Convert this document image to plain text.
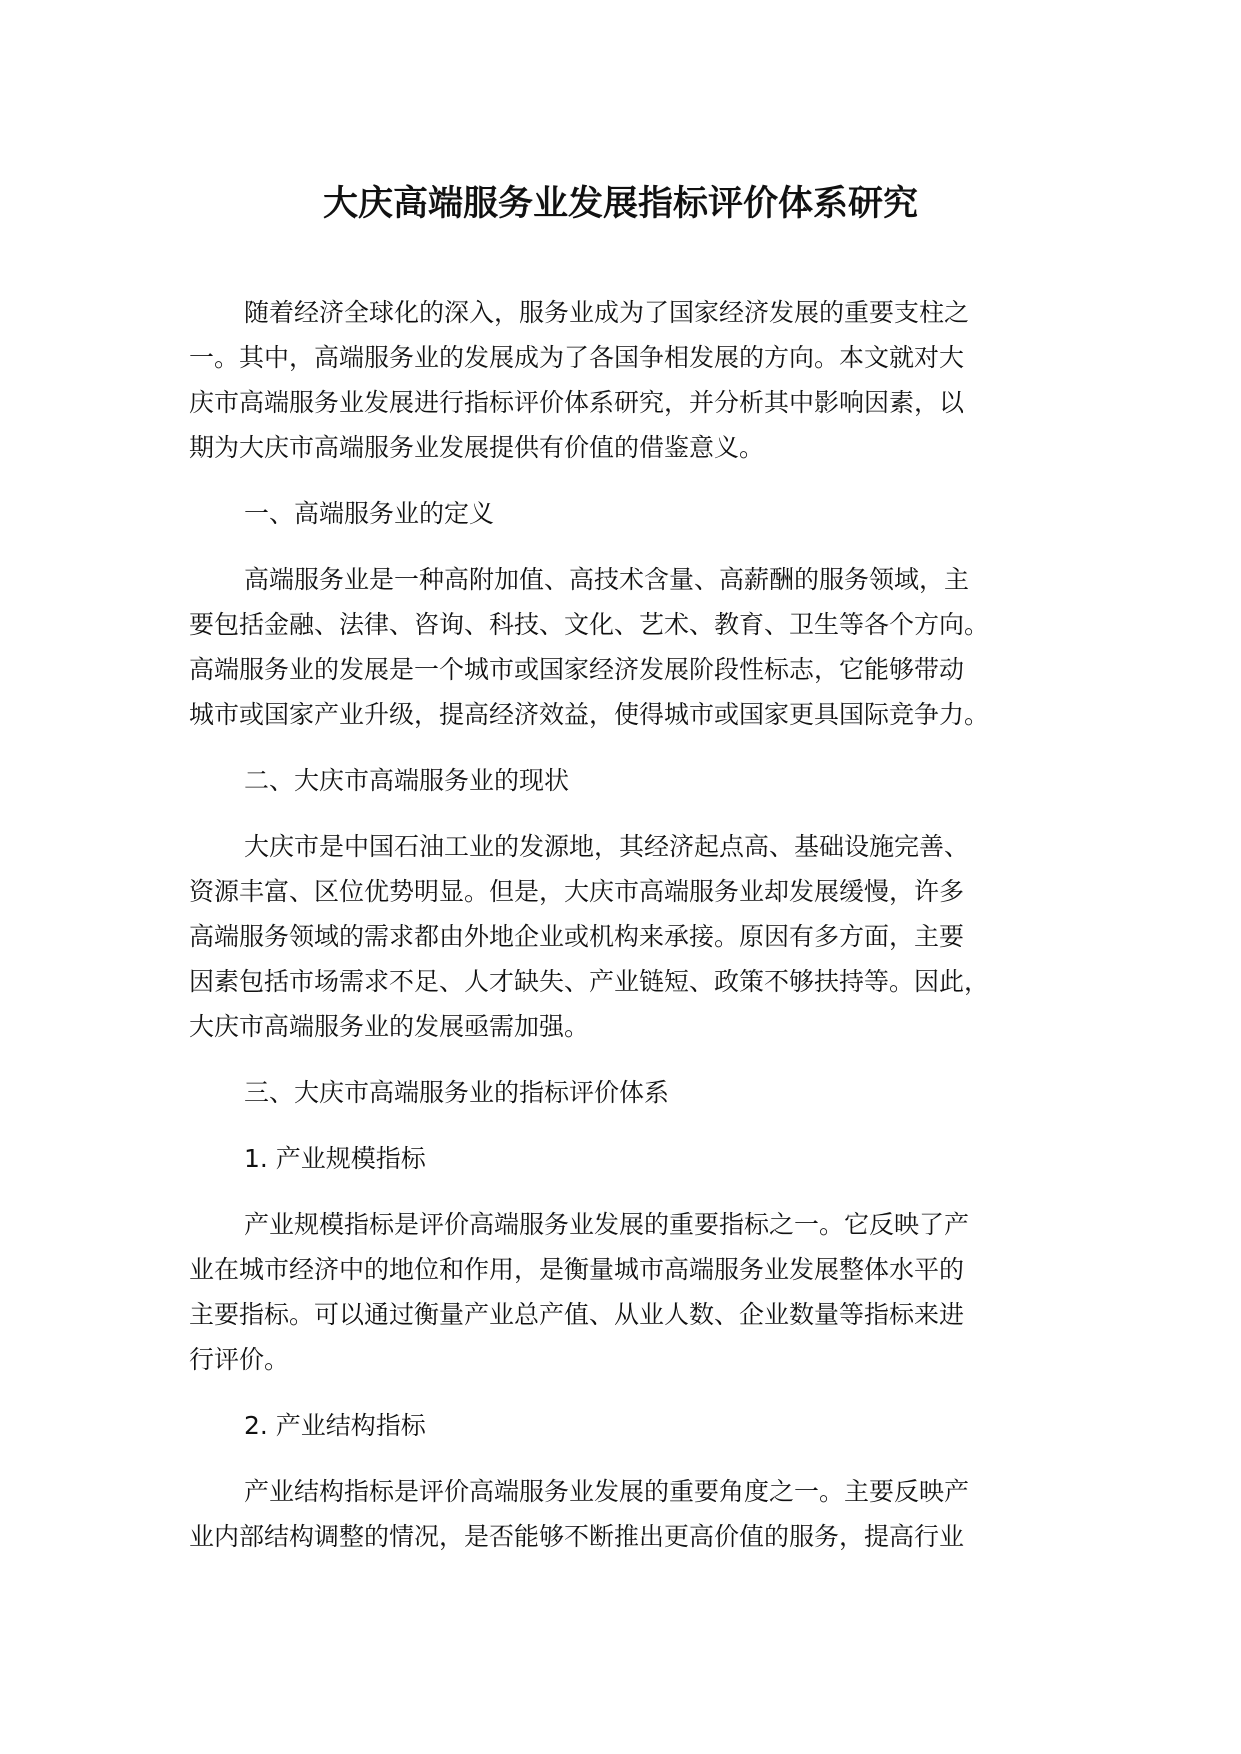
大庆高端服务业发展指标评价体系研究
随着经济全球化的深入，服务业成为了国家经济发展的重要支柱之
一。其中，高端服务业的发展成为了各国争相发展的方向。本文就对大
庆市高端服务业发展进行指标评价体系研究，并分析其中影响因素，以
期为大庆市高端服务业发展提供有价值的借鉴意义。
一、高端服务业的定义
高端服务业是一种高附加值、高技术含量、高薪酬的服务领域，主
要包括金融、法律、咨询、科技、文化、艺术、教育、卫生等各个方向。
高端服务业的发展是一个城市或国家经济发展阶段性标志，它能够带动
城市或国家产业升级，提高经济效益，使得城市或国家更具国际竞争力。
二、大庆市高端服务业的现状
大庆市是中国石油工业的发源地，其经济起点高、基础设施完善、
资源丰富、区位优势明显。但是，大庆市高端服务业却发展缓慢，许多
高端服务领域的需求都由外地企业或机构来承接。原因有多方面，主要
因素包括市场需求不足、人才缺失、产业链短、政策不够扶持等。因此，
大庆市高端服务业的发展亟需加强。
三、大庆市高端服务业的指标评价体系
1. 产业规模指标
产业规模指标是评价高端服务业发展的重要指标之一。它反映了产
业在城市经济中的地位和作用，是衡量城市高端服务业发展整体水平的
主要指标。可以通过衡量产业总产值、从业人数、企业数量等指标来进
行评价。
2. 产业结构指标
产业结构指标是评价高端服务业发展的重要角度之一。主要反映产
业内部结构调整的情况，是否能够不断推出更高价值的服务，提高行业
